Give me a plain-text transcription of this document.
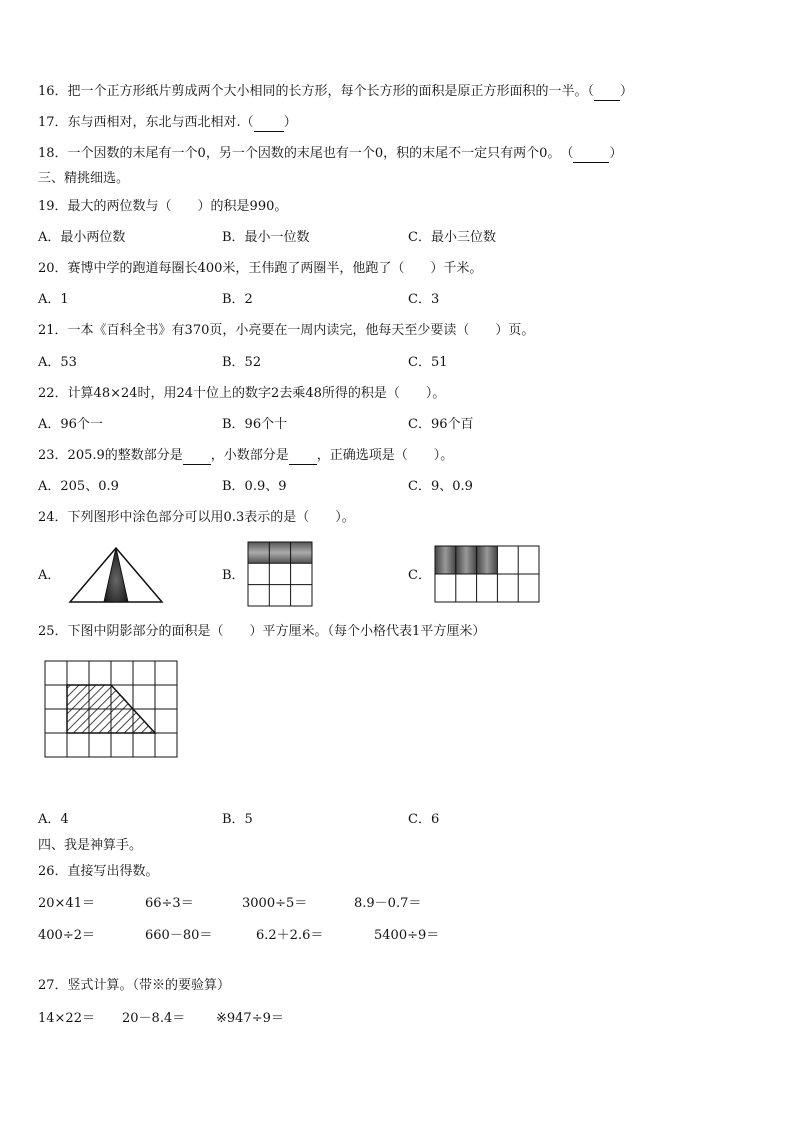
16．把一个正方形纸片剪成两个大小相同的长方形，每个长方形的面积是原正方形面积的一半。（ ）
17．东与西相对，东北与西北相对.（ ）
18．一个因数的末尾有一个0，另一个因数的末尾也有一个0，积的末尾不一定只有两个0。　（	）
三、精挑细选。
19．最大的两位数与（　　）的积是990。
A．最小两位数	B．最小一位数	C．最小三位数
20．赛博中学的跑道每圈长400米，王伟跑了两圈半，他跑了（　　）千米。
A．1	B．2	C．3
21．一本《百科全书》有370页，小亮要在一周内读完，他每天至少要读（　　）页。
A．53	B．52	C．51
22．计算48×24时，用24十位上的数字2去乘48所得的积是（　　）。
A．96个一	B．96个十	C．96个百
23．205.9的整数部分是 ，小数部分是 ，正确选项是（　　）。
A．205、0.9	B．0.9、9	C．9、0.9
24．下列图形中涂色部分可以用0.3表示的是（　　）。
A．	B．	C．
25．下图中阴影部分的面积是（　　）平方厘米。（每个小格代表1平方厘米）
A．4	B．5	C．6
四、我是神算手。
26．直接写出得数。
20×41＝	66÷3＝	3000÷5＝	8.9－0.7＝
400÷2＝	660－80＝	6.2＋2.6＝	5400÷9＝
27．竖式计算。（带※的要验算）
14×22＝ 20－8.4＝ ※947÷9＝
